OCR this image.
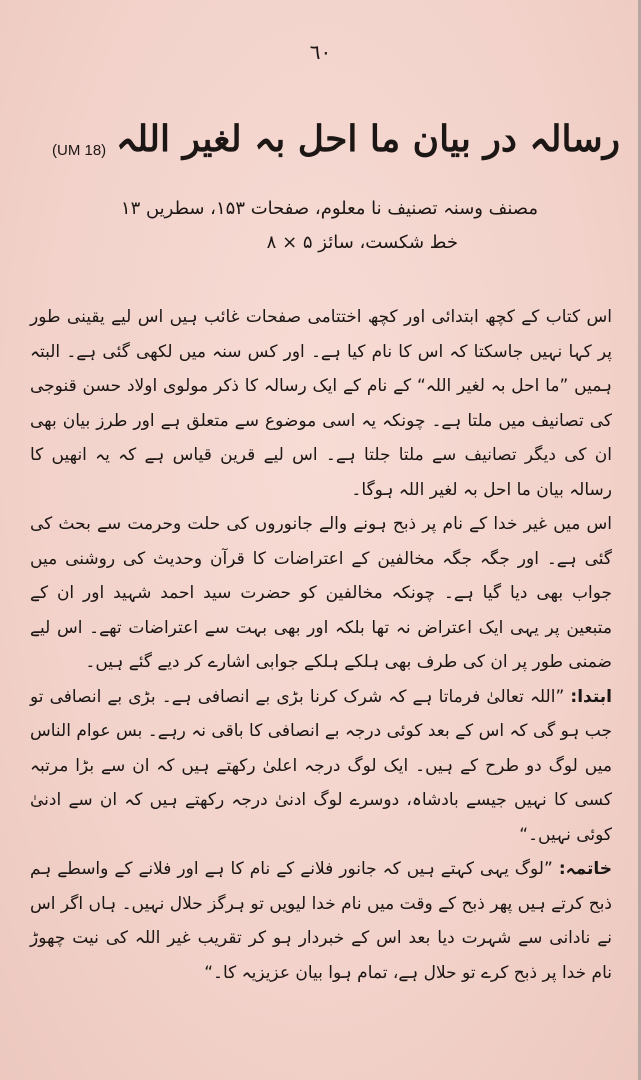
٦٠
رسالہ در بیان ما احل بہ لغیر اللہ
(UM 18)
مصنف وسنہ تصنیف نا معلوم، صفحات ۱۵۳، سطریں ۱۳
خط شکست، سائز ۵ × ۸

اس کتاب کے کچھ ابتدائی اور کچھ اختتامی صفحات غائب ہیں اس لیے یقینی طور پر کہا نہیں جاسکتا کہ اس کا نام کیا ہے۔ اور کس سنہ میں لکھی گئی ہے۔ البتہ ہمیں ”ما احل بہ لغیر اللہ“ کے نام کے ایک رسالہ کا ذکر مولوی اولاد حسن قنوجی کی تصانیف میں ملتا ہے۔ چونکہ یہ اسی موضوع سے متعلق ہے اور طرز بیان بھی ان کی دیگر تصانیف سے ملتا جلتا ہے۔ اس لیے قرین قیاس ہے کہ یہ انھیں کا رسالہ بیان ما احل بہ لغیر اللہ ہوگا۔

اس میں غیر خدا کے نام پر ذبح ہونے والے جانوروں کی حلت وحرمت سے بحث کی گئی ہے۔ اور جگہ جگہ مخالفین کے اعتراضات کا قرآن وحدیث کی روشنی میں جواب بھی دیا گیا ہے۔ چونکہ مخالفین کو حضرت سید احمد شہید اور ان کے متبعین پر یہی ایک اعتراض نہ تھا بلکہ اور بھی بہت سے اعتراضات تھے۔ اس لیے ضمنی طور پر ان کی طرف بھی ہلکے ہلکے جوابی اشارے کر دیے گئے ہیں۔

ابتدا: ”اللہ تعالیٰ فرماتا ہے کہ شرک کرنا بڑی بے انصافی ہے۔ بڑی بے انصافی تو جب ہو گی کہ اس کے بعد کوئی درجہ بے انصافی کا باقی نہ رہے۔ بس عوام الناس میں لوگ دو طرح کے ہیں۔ ایک لوگ درجہ اعلیٰ رکھتے ہیں کہ ان سے بڑا مرتبہ کسی کا نہیں جیسے بادشاہ، دوسرے لوگ ادنیٰ درجہ رکھتے ہیں کہ ان سے ادنیٰ کوئی نہیں۔“

خاتمہ: ”لوگ یہی کہتے ہیں کہ جانور فلانے کے نام کا ہے اور فلانے کے واسطے ہم ذبح کرتے ہیں پھر ذبح کے وقت میں نام خدا لیویں تو ہرگز حلال نہیں۔ ہاں اگر اس نے نادانی سے شہرت دیا بعد اس کے خبردار ہو کر تقریب غیر اللہ کی نیت چھوڑ نام خدا پر ذبح کرے تو حلال ہے، تمام ہوا بیان عزیزیہ کا۔“
